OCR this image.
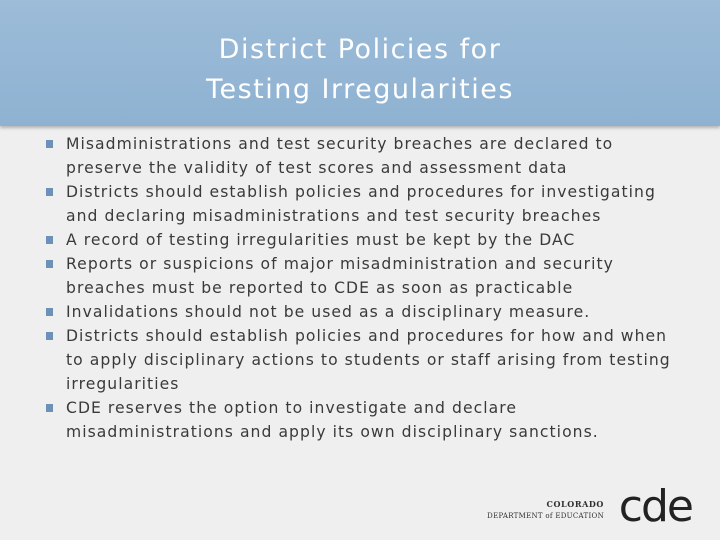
District Policies for
Testing Irregularities
Misadministrations and test security breaches are declared to preserve the validity of test scores and assessment data
Districts should establish policies and procedures for investigating and declaring misadministrations and test security breaches
A record of testing irregularities must be kept by the DAC
Reports or suspicions of major misadministration and security breaches must be reported to CDE as soon as practicable
Invalidations should not be used as a disciplinary measure.
Districts should establish policies and procedures for how and when to apply disciplinary actions to students or staff arising from testing irregularities
CDE reserves the option to investigate and declare misadministrations and apply its own disciplinary sanctions.
COLORADO
DEPARTMENT of EDUCATION cde
